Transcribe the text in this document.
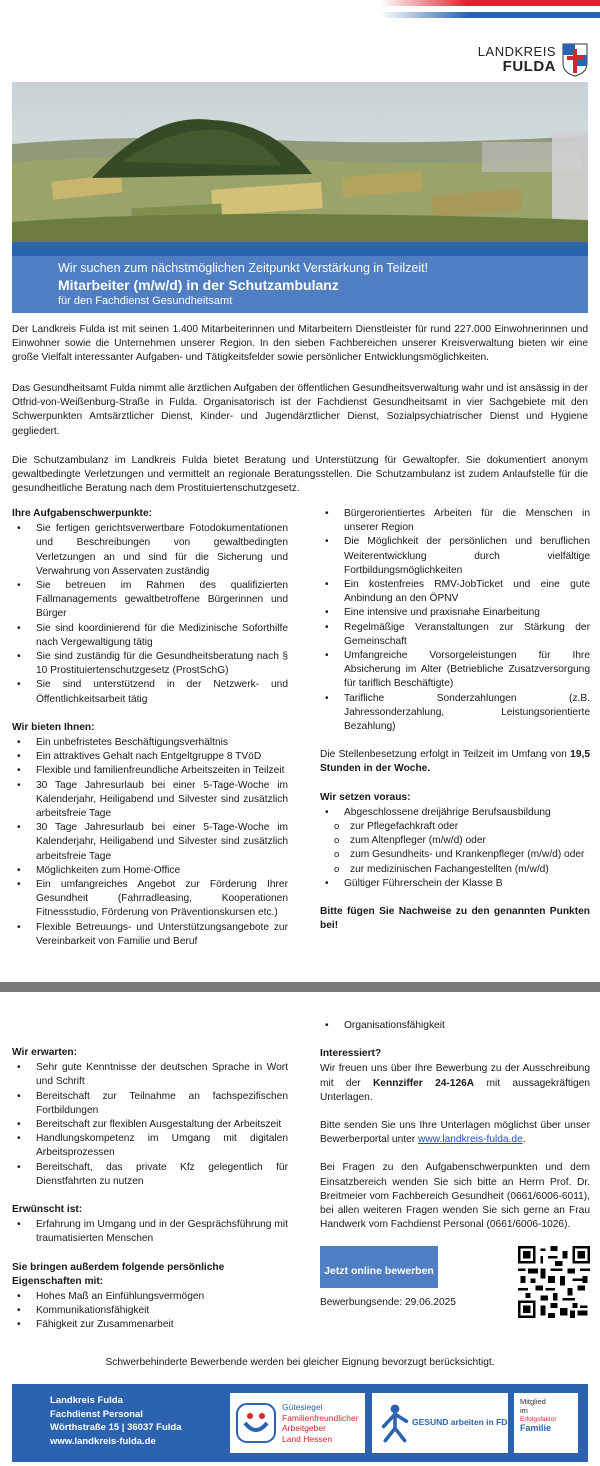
LANDKREIS
FULDA
Wir suchen zum nächstmöglichen Zeitpunkt Verstärkung in Teilzeit!
Mitarbeiter (m/w/d) in der Schutzambulanz
für den Fachdienst Gesundheitsamt

Der Landkreis Fulda ist mit seinen 1.400 Mitarbeiterinnen und Mitarbeitern Dienstleister für rund 227.000 Einwohnerinnen und Einwohner sowie die Unternehmen unserer Region. In den sieben Fachbereichen unserer Kreisverwaltung bieten wir eine große Vielfalt interessanter Aufgaben- und Tätigkeitsfelder sowie persönlicher Entwicklungsmöglichkeiten.

Das Gesundheitsamt Fulda nimmt alle ärztlichen Aufgaben der öffentlichen Gesundheitsverwaltung wahr und ist ansässig in der Otfrid-von-Weißenburg-Straße in Fulda. Organisatorisch ist der Fachdienst Gesundheitsamt in vier Sachgebiete mit den Schwerpunkten Amtsärztlicher Dienst, Kinder- und Jugendärztlicher Dienst, Sozialpsychiatrischer Dienst und Hygiene gegliedert.

Die Schutzambulanz im Landkreis Fulda bietet Beratung und Unterstützung für Gewaltopfer. Sie dokumentiert anonym gewaltbedingte Verletzungen und vermittelt an regionale Beratungsstellen. Die Schutzambulanz ist zudem Anlaufstelle für die gesundheitliche Beratung nach dem Prostituiertenschutzgesetz.

Ihre Aufgabenschwerpunkte:
• Sie fertigen gerichtsverwertbare Fotodokumentationen und Beschreibungen von gewaltbedingten Verletzungen an und sind für die Sicherung und Verwahrung von Asservaten zuständig
• Sie betreuen im Rahmen des qualifizierten Fallmanagements gewaltbetroffene Bürgerinnen und Bürger
• Sie sind koordinierend für die Medizinische Soforthilfe nach Vergewaltigung tätig
• Sie sind zuständig für die Gesundheitsberatung nach § 10 Prostituiertenschutzgesetz (ProstSchG)
• Sie sind unterstützend in der Netzwerk- und Öffentlichkeitsarbeit tätig
Wir bieten Ihnen:
• Ein unbefristetes Beschäftigungsverhältnis
• Ein attraktives Gehalt nach Entgeltgruppe 8 TVöD
• Flexible und familienfreundliche Arbeitszeiten in Teilzeit
• 30 Tage Jahresurlaub bei einer 5-Tage-Woche im Kalenderjahr, Heiligabend und Silvester sind zusätzlich arbeitsfreie Tage
• 30 Tage Jahresurlaub bei einer 5-Tage-Woche im Kalenderjahr, Heiligabend und Silvester sind zusätzlich arbeitsfreie Tage
• Möglichkeiten zum Home-Office
• Ein umfangreiches Angebot zur Förderung Ihrer Gesundheit (Fahrradleasing, Kooperationen Fitnessstudio, Förderung von Präventionskursen etc.)
• Flexible Betreuungs- und Unterstützungsangebote zur Vereinbarkeit von Familie und Beruf
• Bürgerorientiertes Arbeiten für die Menschen in unserer Region
• Die Möglichkeit der persönlichen und beruflichen Weiterentwicklung durch vielfältige Fortbildungsmöglichkeiten
• Ein kostenfreies RMV-JobTicket und eine gute Anbindung an den ÖPNV
• Eine intensive und praxisnahe Einarbeitung
• Regelmäßige Veranstaltungen zur Stärkung der Gemeinschaft
• Umfangreiche Vorsorgeleistungen für Ihre Absicherung im Alter (Betriebliche Zusatzversorgung für tariflich Beschäftigte)
• Tarifliche Sonderzahlungen (z.B. Jahressonderzahlung, Leistungsorientierte Bezahlung)

Die Stellenbesetzung erfolgt in Teilzeit im Umfang von 19,5 Stunden in der Woche.

Wir setzen voraus:
• Abgeschlossene dreijährige Berufsausbildung
o zur Pflegefachkraft oder
o zum Altenpfleger (m/w/d) oder
o zum Gesundheits- und Krankenpfleger (m/w/d) oder
o zur medizinischen Fachangestellten (m/w/d)
• Gültiger Führerschein der Klasse B

Bitte fügen Sie Nachweise zu den genannten Punkten bei!

Wir erwarten:
• Sehr gute Kenntnisse der deutschen Sprache in Wort und Schrift
• Bereitschaft zur Teilnahme an fachspezifischen Fortbildungen
• Bereitschaft zur flexiblen Ausgestaltung der Arbeitszeit
• Handlungskompetenz im Umgang mit digitalen Arbeitsprozessen
• Bereitschaft, das private Kfz gelegentlich für Dienstfahrten zu nutzen
Erwünscht ist:
• Erfahrung im Umgang und in der Gesprächsführung mit traumatisierten Menschen
Sie bringen außerdem folgende persönliche Eigenschaften mit:
• Hohes Maß an Einfühlungsvermögen
• Kommunikationsfähigkeit
• Fähigkeit zur Zusammenarbeit
• Organisationsfähigkeit
Interessiert?

Wir freuen uns über Ihre Bewerbung zu der Ausschreibung mit der Kennziffer 24-126A mit aussagekräftigen Unterlagen.

Bitte senden Sie uns Ihre Unterlagen möglichst über unser Bewerberportal unter www.landkreis-fulda.de.

Bei Fragen zu den Aufgabenschwerpunkten und dem Einsatzbereich wenden Sie sich bitte an Herrn Prof. Dr. Breitmeier vom Fachbereich Gesundheit (0661/6006-6011), bei allen weiteren Fragen wenden Sie sich gerne an Frau Handwerk vom Fachdienst Personal (0661/6006-1026).

Jetzt online bewerben
Bewerbungsende: 29.06.2025

Schwerbehinderte Bewerbende werden bei gleicher Eignung bevorzugt berücksichtigt.

Landkreis Fulda
Fachdienst Personal
Wörthstraße 15 | 36037 Fulda
www.landkreis-fulda.de
Gütesiegel
Familienfreundlicher
Arbeitgeber
Land Hessen
GESUND arbeiten in FD
Mitglied
im
Erfolgsfaktor
Familie
